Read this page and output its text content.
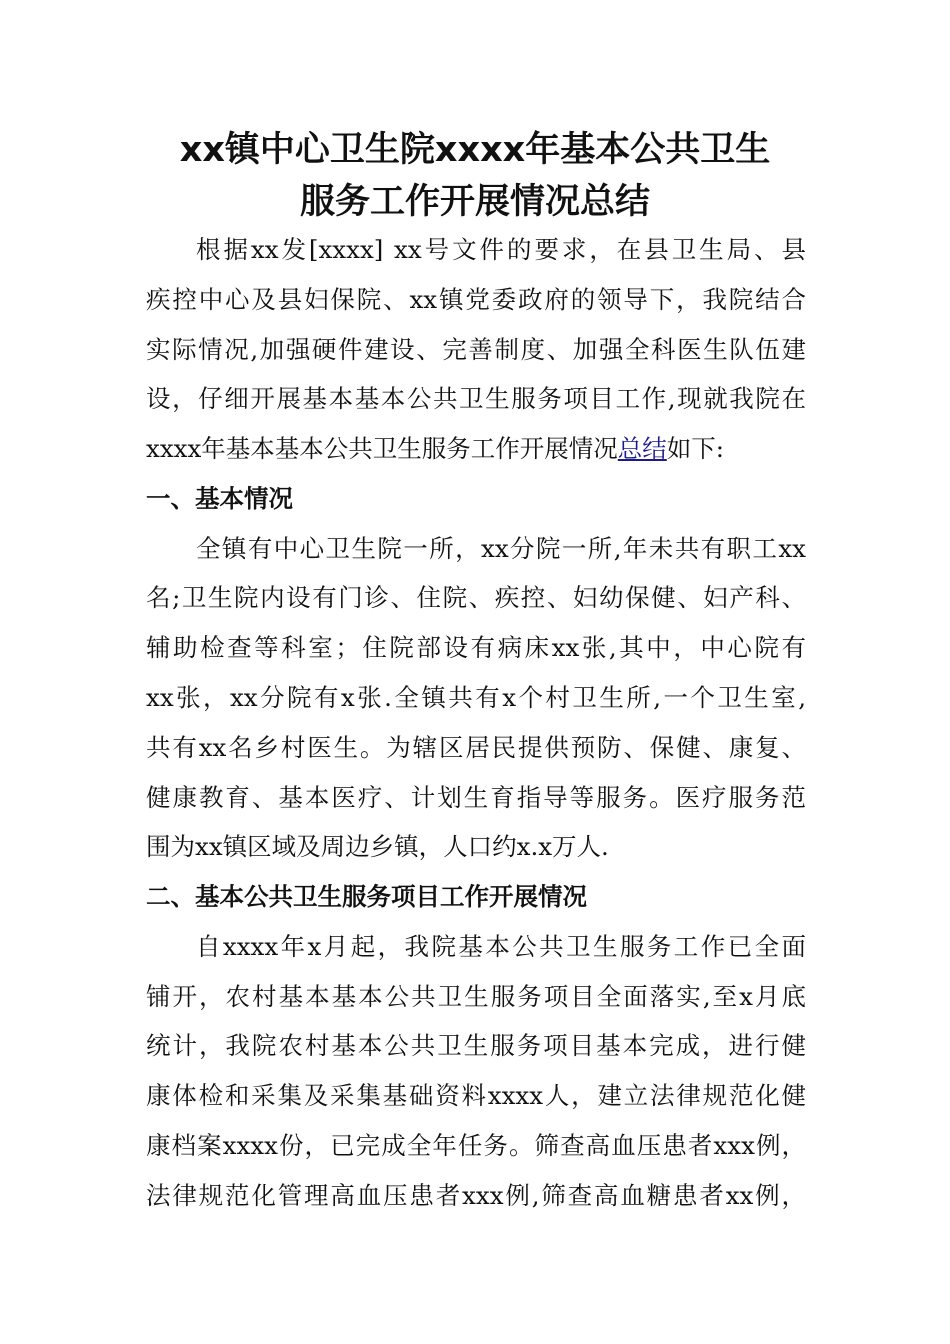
xx镇中心卫生院xxxx年基本公共卫生
服务工作开展情况总结
根据xx发[xxxx] xx号文件的要求，在县卫生局、县
疾控中心及县妇保院、xx镇党委政府的领导下，我院结合
实际情况,加强硬件建设、完善制度、加强全科医生队伍建
设，仔细开展基本基本公共卫生服务项目工作,现就我院在
xxxx年基本基本公共卫生服务工作开展情况总结如下:
一、基本情况
全镇有中心卫生院一所，xx分院一所,年未共有职工xx
名;卫生院内设有门诊、住院、疾控、妇幼保健、妇产科、
辅助检查等科室；住院部设有病床xx张,其中，中心院有
xx张，xx分院有x张.全镇共有x个村卫生所,一个卫生室,
共有xx名乡村医生。为辖区居民提供预防、保健、康复、
健康教育、基本医疗、计划生育指导等服务。医疗服务范
围为xx镇区域及周边乡镇，人口约x.x万人.
二、基本公共卫生服务项目工作开展情况
自xxxx年x月起，我院基本公共卫生服务工作已全面
铺开，农村基本基本公共卫生服务项目全面落实,至x月底
统计，我院农村基本公共卫生服务项目基本完成，进行健
康体检和采集及采集基础资料xxxx人，建立法律规范化健
康档案xxxx份，已完成全年任务。筛查高血压患者xxx例，
法律规范化管理高血压患者xxx例,筛查高血糖患者xx例，
